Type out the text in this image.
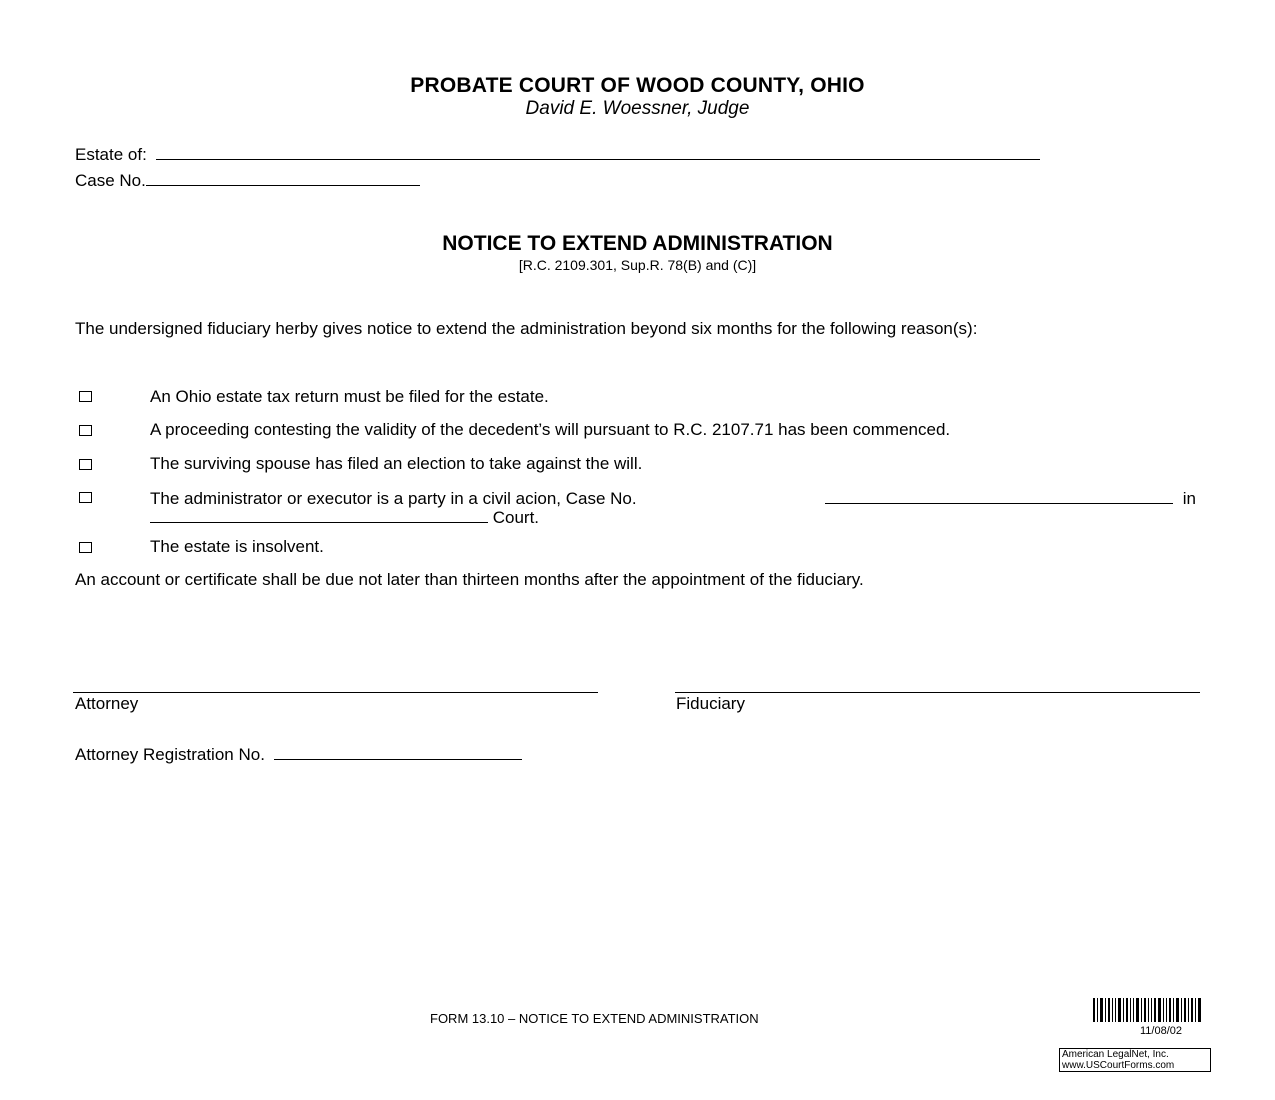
PROBATE COURT OF WOOD COUNTY, OHIO
David E. Woessner, Judge
Estate of:
Case No.
NOTICE TO EXTEND ADMINISTRATION
[R.C. 2109.301, Sup.R. 78(B) and (C)]
The undersigned fiduciary herby gives notice to extend the administration beyond six months for the following reason(s):
An Ohio estate tax return must be filed for the estate.
A proceeding contesting the validity of the decedent’s will pursuant to R.C. 2107.71 has been commenced.
The surviving spouse has filed an election to take against the will.
The administrator or executor is a party in a civil acion, Case No.	in
Court.
The estate is insolvent.
An account or certificate shall be due not later than thirteen months after the appointment of the fiduciary.
Attorney	Fiduciary
Attorney Registration No.
FORM 13.10 – NOTICE TO EXTEND ADMINISTRATION
11/08/02
American LegalNet, Inc.
www.USCourtForms.com
